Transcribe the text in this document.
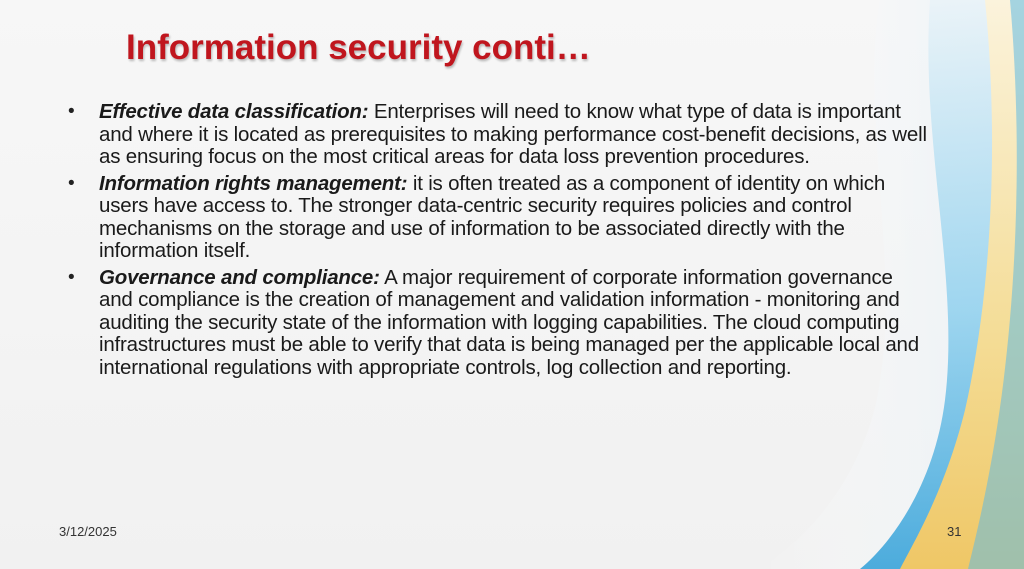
Information security conti…
• Effective data classification: Enterprises will need to know what type of data is important and where it is located as prerequisites to making performance cost-benefit decisions, as well as ensuring focus on the most critical areas for data loss prevention procedures.
• Information rights management: it is often treated as a component of identity on which users have access to. The stronger data-centric security requires policies and control mechanisms on the storage and use of information to be associated directly with the information itself.
• Governance and compliance: A major requirement of corporate information governance and compliance is the creation of management and validation information - monitoring and auditing the security state of the information with logging capabilities. The cloud computing infrastructures must be able to verify that data is being managed per the applicable local and international regulations with appropriate controls, log collection and reporting.
3/12/2025	31
